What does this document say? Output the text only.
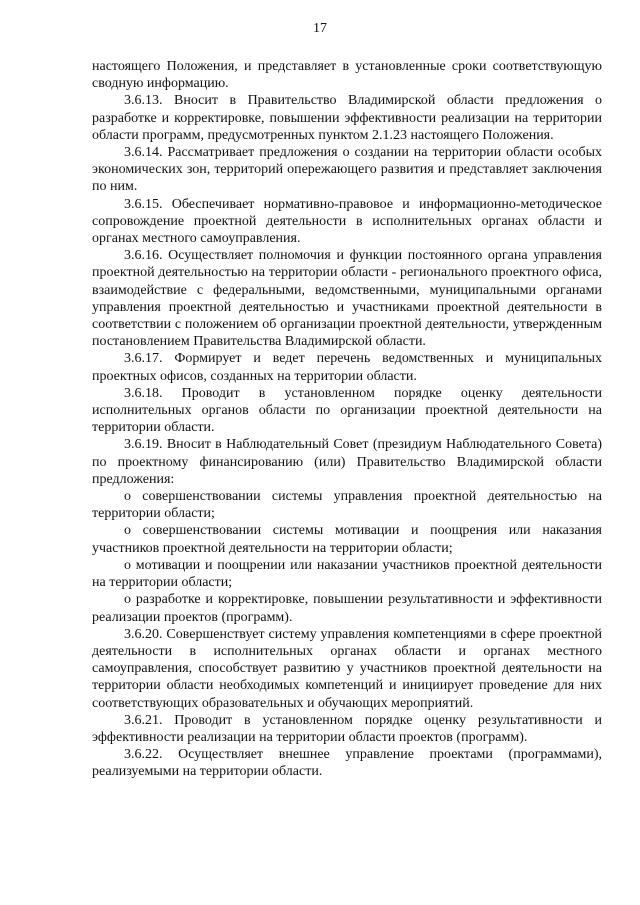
17

настоящего Положения, и представляет в установленные сроки соответствующую сводную информацию.

3.6.13. Вносит в Правительство Владимирской области предложения о разработке и корректировке, повышении эффективности реализации на территории области программ, предусмотренных пунктом 2.1.23 настоящего Положения.

3.6.14. Рассматривает предложения о создании на территории области особых экономических зон, территорий опережающего развития и представляет заключения по ним.

3.6.15. Обеспечивает нормативно-правовое и информационно-методическое сопровождение проектной деятельности в исполнительных органах области и органах местного самоуправления.

3.6.16. Осуществляет полномочия и функции постоянного органа управления проектной деятельностью на территории области - регионального проектного офиса, взаимодействие с федеральными, ведомственными, муниципальными органами управления проектной деятельностью и участниками проектной деятельности в соответствии с положением об организации проектной деятельности, утвержденным постановлением Правительства Владимирской области.

3.6.17. Формирует и ведет перечень ведомственных и муниципальных проектных офисов, созданных на территории области.

3.6.18. Проводит в установленном порядке оценку деятельности исполнительных органов области по организации проектной деятельности на территории области.

3.6.19. Вносит в Наблюдательный Совет (президиум Наблюдательного Совета) по проектному финансированию (или) Правительство Владимирской области предложения:

о совершенствовании системы управления проектной деятельностью на территории области;

о совершенствовании системы мотивации и поощрения или наказания участников проектной деятельности на территории области;

о мотивации и поощрении или наказании участников проектной деятельности на территории области;

о разработке и корректировке, повышении результативности и эффективности реализации проектов (программ).

3.6.20. Совершенствует систему управления компетенциями в сфере проектной деятельности в исполнительных органах области и органах местного самоуправления, способствует развитию у участников проектной деятельности на территории области необходимых компетенций и инициирует проведение для них соответствующих образовательных и обучающих мероприятий.

3.6.21. Проводит в установленном порядке оценку результативности и эффективности реализации на территории области проектов (программ).

3.6.22. Осуществляет внешнее управление проектами (программами), реализуемыми на территории области.
